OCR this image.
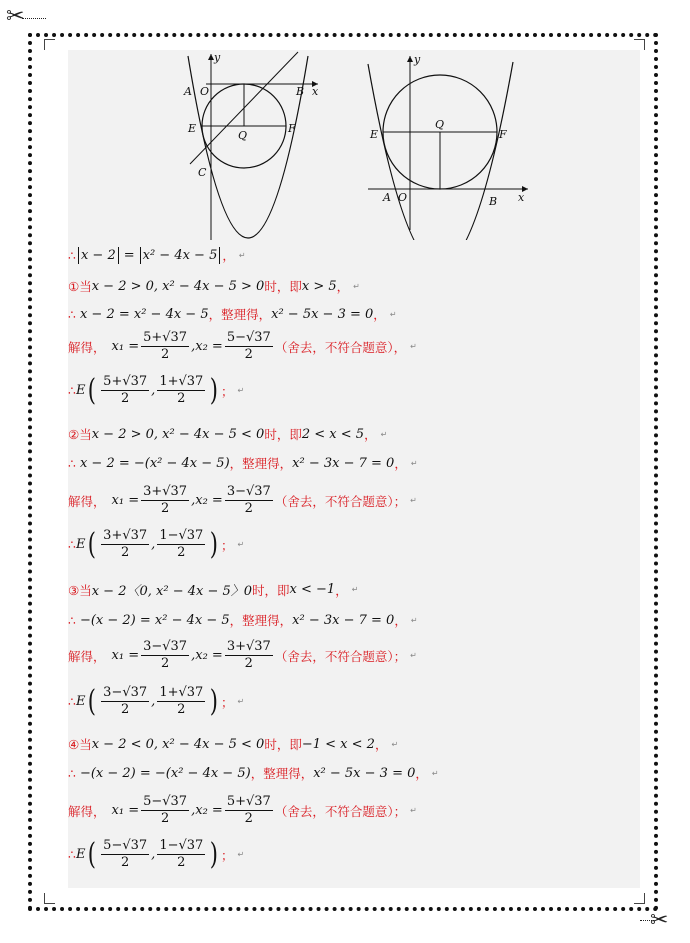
✂
✂
y
x
A O	B
E
Q
F
C
y
x
A O	B
E
Q
F
∴ x − 2 = x² − 4x − 5 ， ↵
①当 x − 2 > 0, x² − 4x − 5 > 0 时，即 x > 5 ， ↵
∴ x − 2 = x² − 4x − 5 ，整理得， x² − 5x − 3 = 0 ， ↵
解得， $x_1 = \frac{5+√37}{2}$ , $x_2 = \frac{5-√37}{2}$ （舍去，不符合题意）， ↵
∴ E ( $\frac{5+√37}{2}$ , $\frac{1+√37}{2}$ ) ； ↵
②当 x − 2 > 0, x² − 4x − 5 < 0 时，即 2 < x < 5 ， ↵
∴ x − 2 = −(x² − 4x − 5) ，整理得， x² − 3x − 7 = 0 ， ↵
解得， $x_1 = \frac{3+√37}{2}$ , $x_2 = \frac{3-√37}{2}$ （舍去，不符合题意）； ↵
∴ E ( $\frac{3+√37}{2}$ , $\frac{1-√37}{2}$ ) ； ↵
③当 x − 2〈0, x² − 4x − 5〉0 时，即 x < −1 ， ↵
∴ −(x − 2) = x² − 4x − 5 ，整理得， x² − 3x − 7 = 0 ， ↵
解得， $x_1 = \frac{3-√37}{2}$ , $x_2 = \frac{3+√37}{2}$ （舍去，不符合题意）； ↵
∴ E ( $\frac{3-√37}{2}$ , $\frac{1+√37}{2}$ ) ； ↵
④当 x − 2 < 0, x² − 4x − 5 < 0 时，即 −1 < x < 2 ， ↵
∴ −(x − 2) = −(x² − 4x − 5) ，整理得， x² − 5x − 3 = 0 ， ↵
解得， $x_1 = \frac{5-√37}{2}$ , $x_2 = \frac{5+√37}{2}$ （舍去，不符合题意）； ↵
∴ E ( $\frac{5-√37}{2}$ , $\frac{1-√37}{2}$ ) ； ↵
